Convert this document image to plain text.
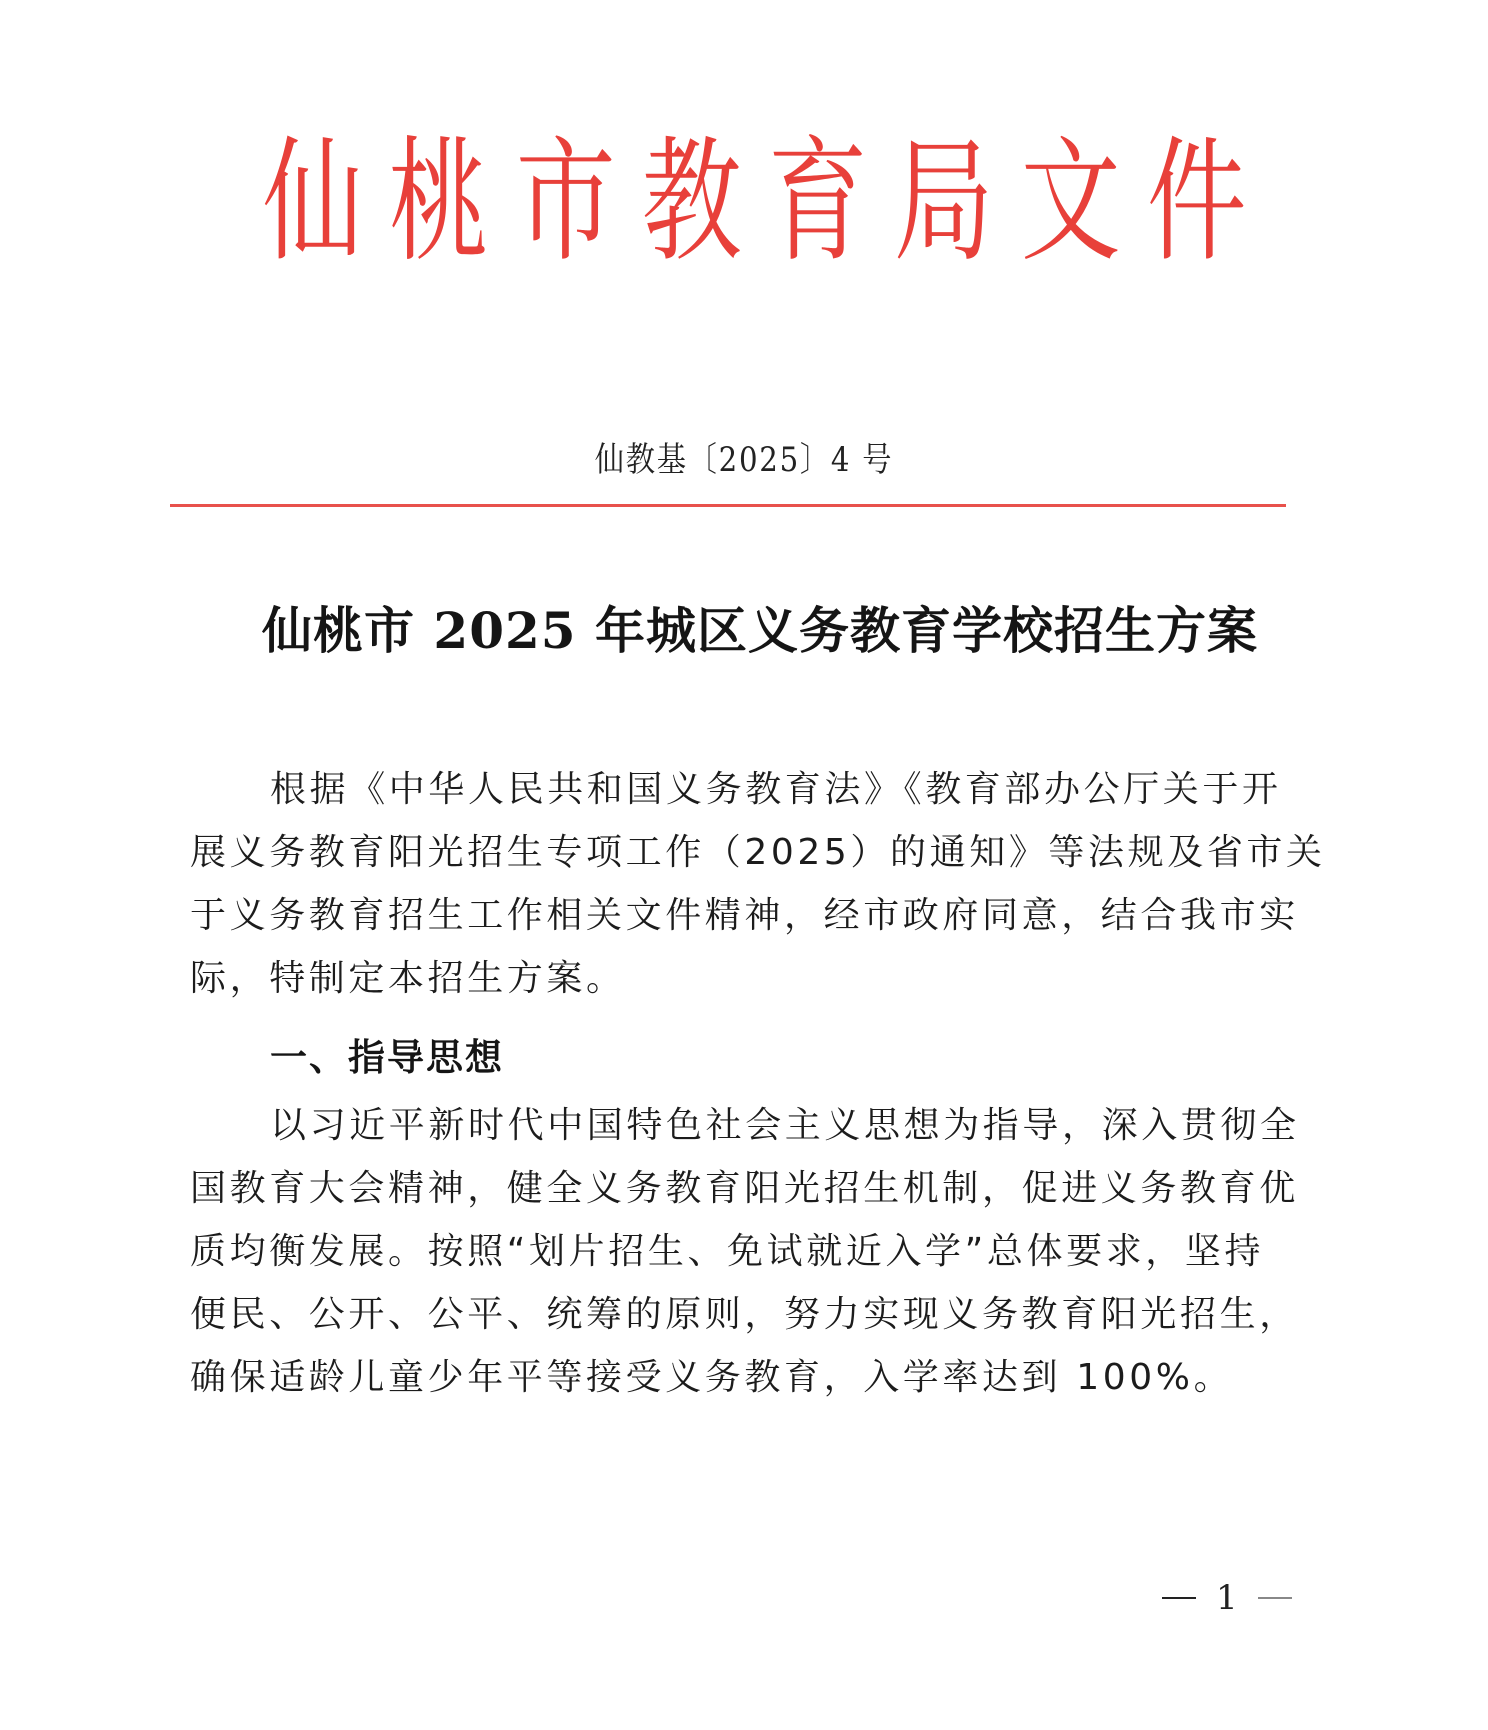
仙 桃 市 教 育 局 文 件
仙教基〔2025〕4 号
仙桃市 2025 年城区义务教育学校招生方案
根据《中华人民共和国义务教育法》《教育部办公厅关于开
展义务教育阳光招生专项工作（2025）的通知》等法规及省市关
于义务教育招生工作相关文件精神，经市政府同意，结合我市实
际，特制定本招生方案。
一、指导思想
以习近平新时代中国特色社会主义思想为指导，深入贯彻全
国教育大会精神，健全义务教育阳光招生机制，促进义务教育优
质均衡发展。按照“划片招生、免试就近入学”总体要求，坚持
便民、公开、公平、统筹的原则，努力实现义务教育阳光招生，
确保适龄儿童少年平等接受义务教育，入学率达到 100%。
1
